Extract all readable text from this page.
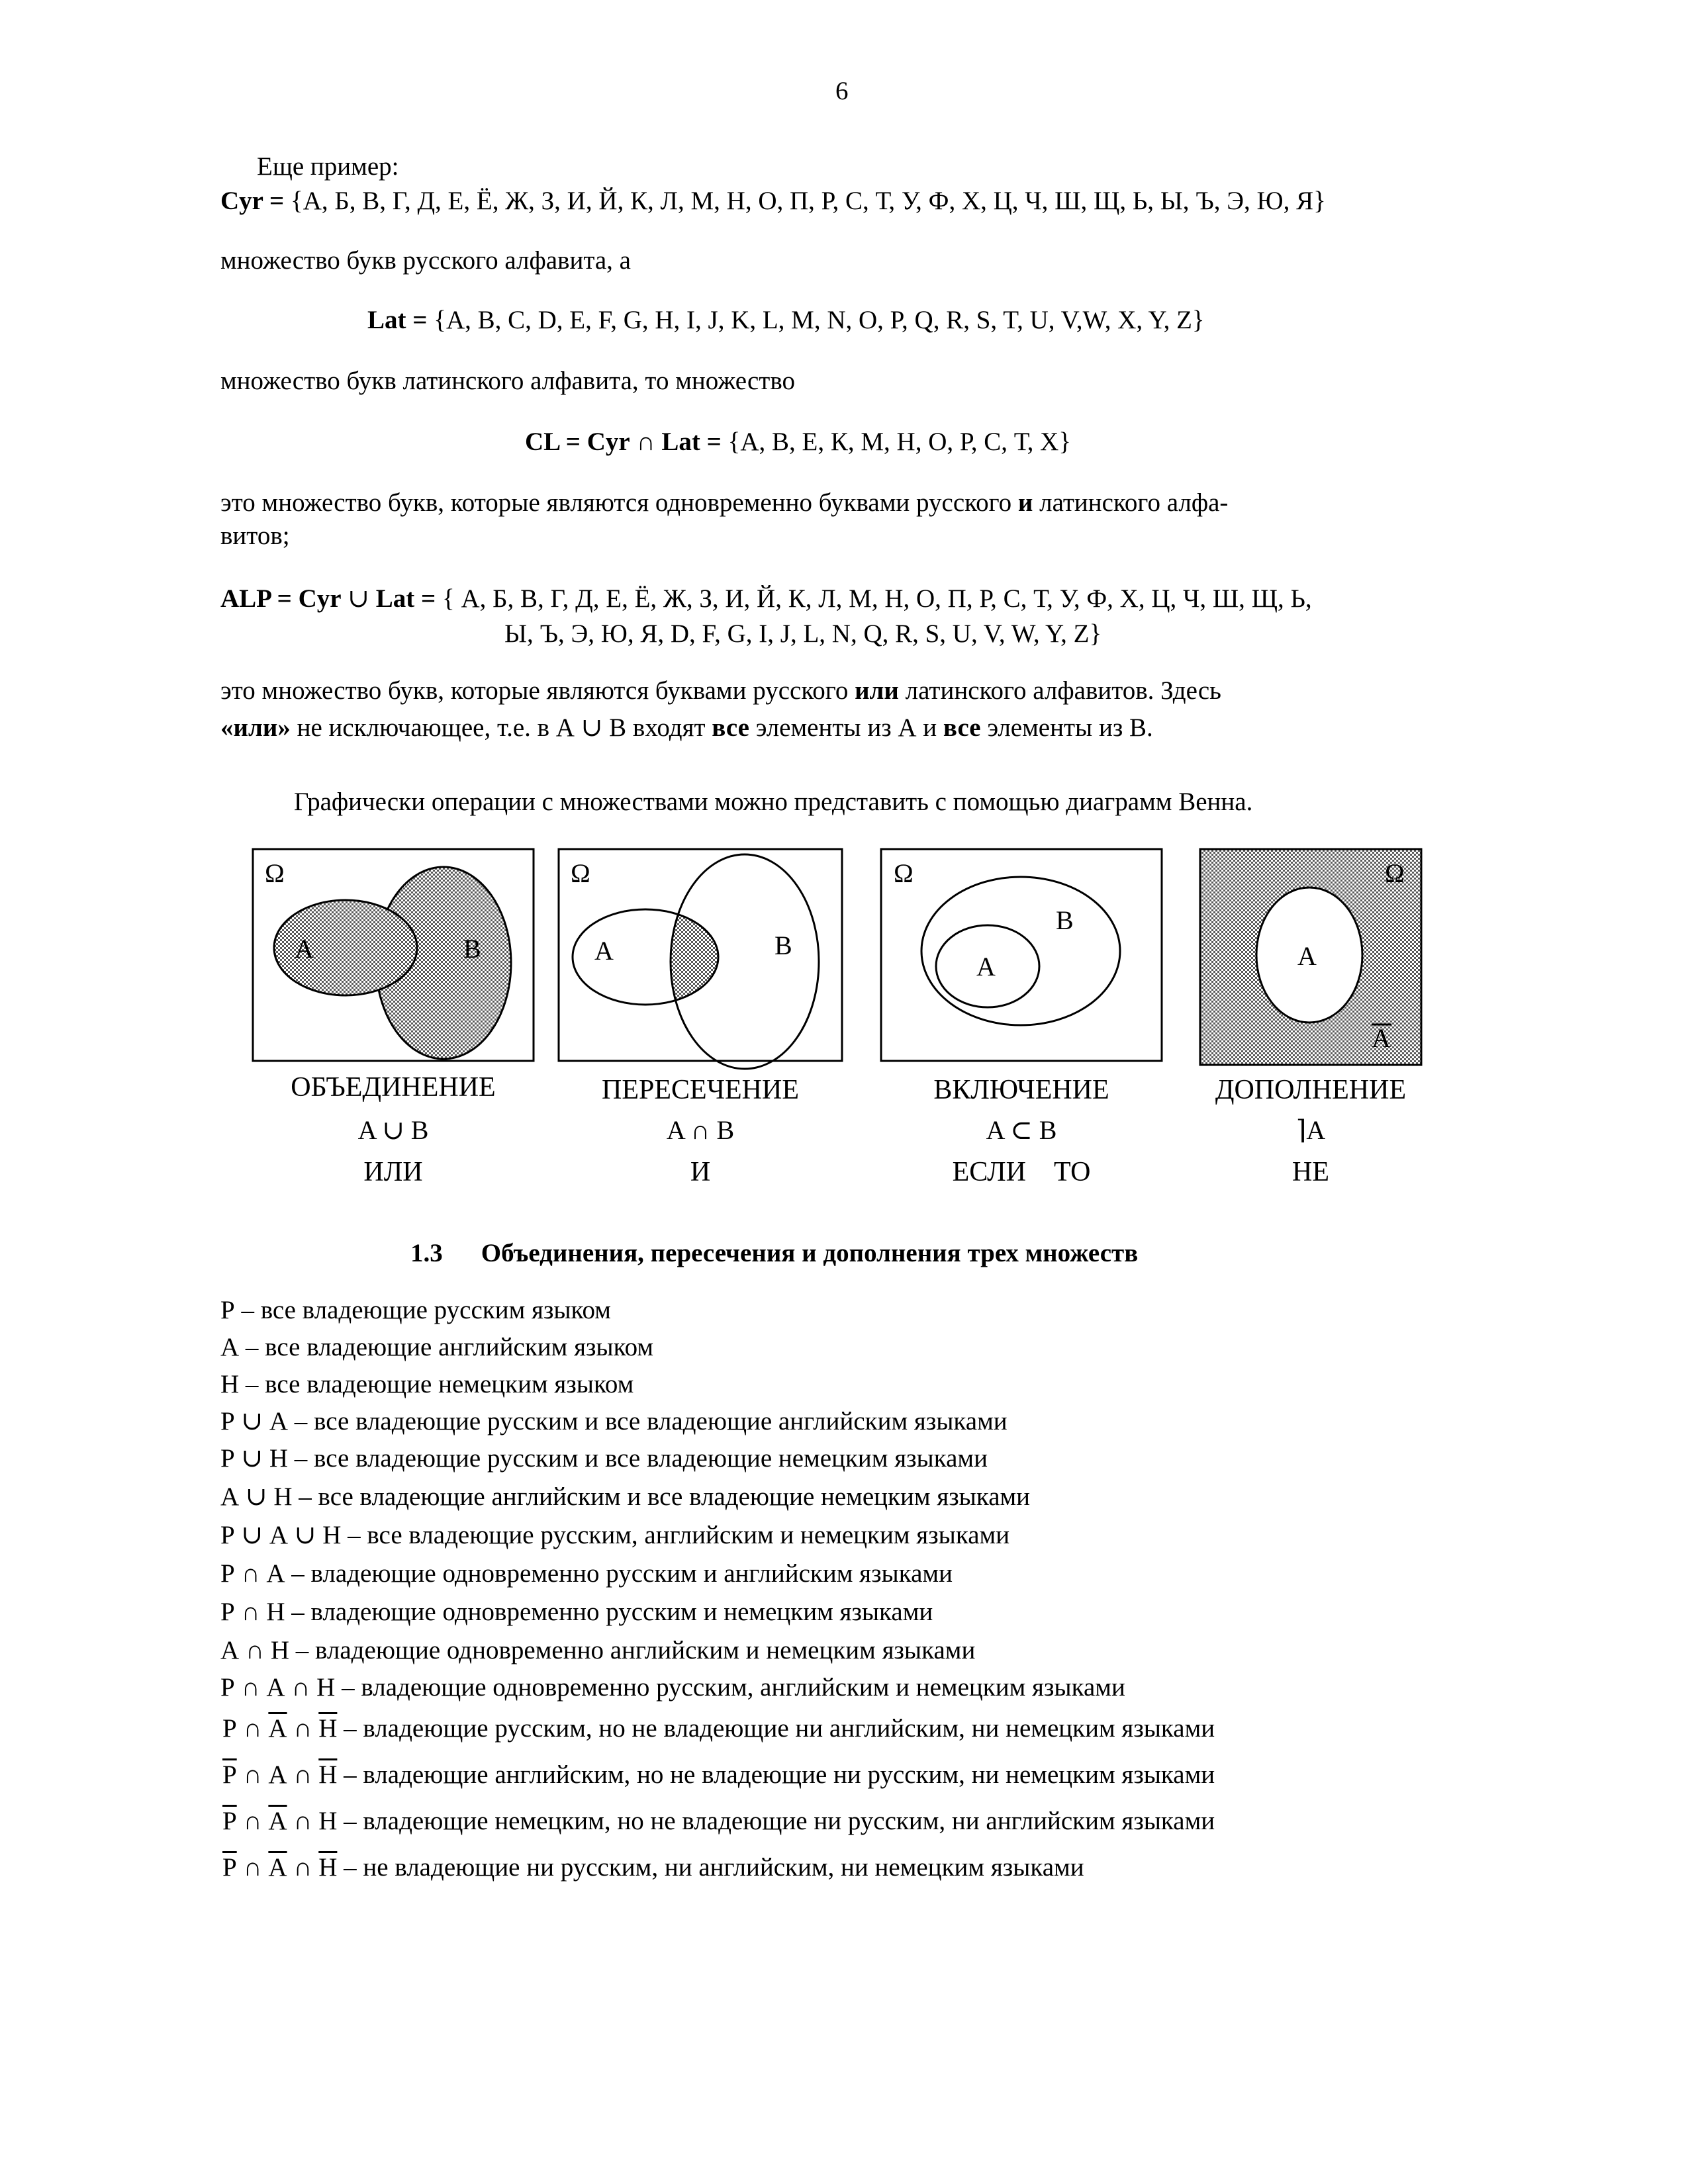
6
Еще пример:
Cyr = {А, Б, В, Г, Д, Е, Ё, Ж, З, И, Й, К, Л, М, Н, О, П, Р, С, Т, У, Ф, Х, Ц, Ч, Ш, Щ, Ь, Ы, Ъ, Э, Ю, Я}
множество букв русского алфавита, а
Lat = {A, B, C, D, E, F, G, H, I, J, K, L, M, N, O, P, Q, R, S, T, U, V,W, X, Y, Z}
множество букв латинского алфавита, то множество
CL = Cyr ∩ Lat = {А, В, Е, К, М, Н, О, Р, С, Т, Х}
это множество букв, которые являются одновременно буквами русского и латинского алфа-
витов;
ALP = Cyr ∪ Lat = { А, Б, В, Г, Д, Е, Ё, Ж, З, И, Й, К, Л, М, Н, О, П, Р, С, Т, У, Ф, Х, Ц, Ч, Ш, Щ, Ь,
Ы, Ъ, Э, Ю, Я, D, F, G, I, J, L, N, Q, R, S, U, V, W, Y, Z}
это множество букв, которые являются буквами русского или латинского алфавитов. Здесь
«или» не исключающее, т.е. в А ∪ В входят все элементы из А и все элементы из В.
Графически операции с множествами можно представить с помощью диаграмм Венна.
Ω
A	B
Ω
A	B
Ω
A
B
Ω
A
A
ОБЪЕДИНЕНИЕ
A ∪ B
ИЛИ
ПЕРЕСЕЧЕНИЕ
A ∩ B
И
ВКЛЮЧЕНИЕ
A ⊂ B
ЕСЛИ    ТО
ДОПОЛНЕНИЕ
⌉A
НЕ
1.3 Объединения, пересечения и дополнения трех множеств
Р – все владеющие русским языком
А – все владеющие английским языком
Н – все владеющие немецким языком
Р ∪ А – все владеющие русским и все владеющие английским языками
Р ∪ Н – все владеющие русским и все владеющие немецким языками
А ∪ Н – все владеющие английским и все владеющие немецким языками
Р ∪ А ∪ Н – все владеющие русским, английским и немецким языками
Р ∩ А – владеющие одновременно русским и английским языками
Р ∩ Н – владеющие одновременно русским и немецким языками
А ∩ Н – владеющие одновременно английским и немецким языками
Р ∩ А ∩ Н – владеющие одновременно русским, английским и немецким языками
Р ∩ А ∩ Н – владеющие русским, но не владеющие ни английским, ни немецким языками
Р ∩ А ∩ Н – владеющие английским, но не владеющие ни русским, ни немецким языками
Р ∩ А ∩ Н – владеющие немецким, но не владеющие ни русским, ни английским языками
Р ∩ А ∩ Н – не владеющие ни русским, ни английским, ни немецким языками
